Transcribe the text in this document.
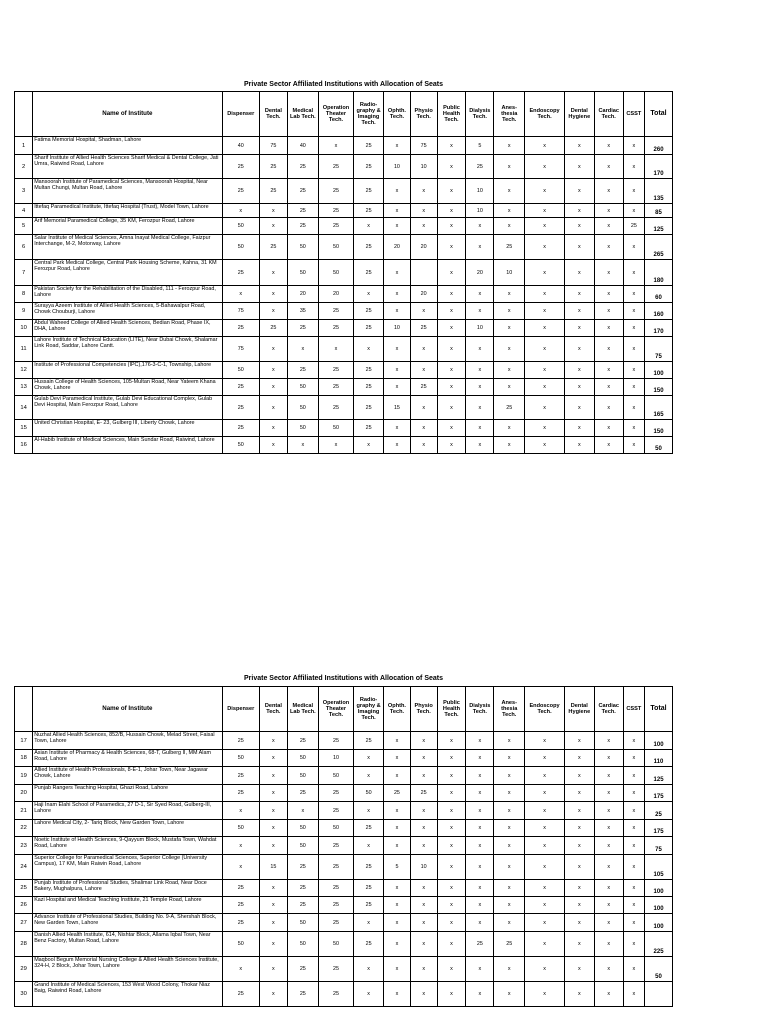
Private Sector Affiliated Institutions with Allocation of Seats
	Name of Institute	Dispenser	Dental Tech.	Medical Lab Tech.	Operation Theater Tech.	Radio-graphy & Imaging Tech.	Ophth. Tech.	Physio Tech.	Public Health Tech.	Dialysis Tech.	Anes-thesia Tech.	Endoscopy Tech.	Dental Hygiene	Cardiac Tech.	CSST	Total
1	Fatima Memorial Hospital, Shadman, Lahore	40	75	40	x	25	x	75	x	5	x	x	x	x	x	260
2	Sharif Institute of Allied Health Sciences Sharif Medical & Dental College, Jati Umra, Raiwind Road, Lahore	25	25	25	25	25	10	10	x	25	x	x	x	x	x	170
3	Mansoorah Institute of Paramedical Sciences, Mansoorah Hospital, Near Multan Chungi, Multan Road, Lahore	25	25	25	25	25	x	x	x	10	x	x	x	x	x	135
4	Ittefaq Paramedical Institute, Ittefaq Hospital (Trust), Model Town, Lahore	x	x	25	25	25	x	x	x	10	x	x	x	x	x	85
5	Arif Memorial Paramedical College, 35 KM, Ferozpur Road, Lahore	50	x	25	25	x	x	x	x	x	x	x	x	x	25	125
6	Salar Institute of Medical Sciences, Amna Inayat Medical College, Faizpur Interchange, M-2, Motorway, Lahore	50	25	50	50	25	20	20	x	x	25	x	x	x	x	265
7	Central Park Medical College, Central Park Housing Scheme, Kahna, 31 KM Ferozpur Road, Lahore	25	x	50	50	25	x		x	20	10	x	x	x	x	180
8	Pakistan Society for the Rehabilitation of the Disabled, 111 - Ferozpur Road, Lahore	x	x	20	20	x	x	20	x	x	x	x	x	x	x	60
9	Surayya Azeem Institute of Allied Health Sciences, 5-Bahawalpur Road, Chowk Chouburji, Lahore	75	x	35	25	25	x	x	x	x	x	x	x	x	x	160
10	Abdul Waheed College of Allied Health Sciences, Bedian Road, Phase IX, DHA, Lahore	25	25	25	25	25	10	25	x	10	x	x	x	x	x	170
11	Lahore Institute of Technical Education (LITE), Near Dubai Chowk, Shalamar Link Road, Saddar, Lahore Cantt.	75	x	x	x	x	x	x	x	x	x	x	x	x	x	75
12	Institute of Professional Competencies (IPC),176-3-C-1, Township, Lahore	50	x	25	25	25	x	x	x	x	x	x	x	x	x	100
13	Hussain College of Health Sciences, 105-Multan Road, Near Yateem Khana Chowk, Lahore	25	x	50	25	25	x	25	x	x	x	x	x	x	x	150
14	Gulab Devi Paramedical Institute, Gulab Devi Educational Complex, Gulab Devi Hospital, Main Ferozpur Road, Lahore	25	x	50	25	25	15	x	x	x	25	x	x	x	x	165
15	United Christian Hospital, E- 23, Gulberg III, Liberty Chowk, Lahore	25	x	50	50	25	x	x	x	x	x	x	x	x	x	150
16	Al-Habib Institute of Medical Sciences, Main Sundar Road, Raiwind, Lahore	50	x	x	x	x	x	x	x	x	x	x	x	x	x	50
Private Sector Affiliated Institutions with Allocation of Seats
	Name of Institute	Dispenser	Dental Tech.	Medical Lab Tech.	Operation Theater Tech.	Radio-graphy & Imaging Tech.	Ophth. Tech.	Physio Tech.	Public Health Tech.	Dialysis Tech.	Anes-thesia Tech.	Endoscopy Tech.	Dental Hygiene	Cardiac Tech.	CSST	Total
17	Nuzhat Allied Health Sciences, 852/B, Hussain Chowk, Melad Street, Faisal Town, Lahore	25	x	25	25	25	x	x	x	x	x	x	x	x	x	100
18	Asian Institute of Pharmacy & Health Sciences, 68-T, Gulberg II, MM Alam Road, Lahore	50	x	50	10	x	x	x	x	x	x	x	x	x	x	110
19	Allied Institute of Health Professionals, 8-E-1, Johar Town, Near Jagawar Chowk, Lahore	25	x	50	50	x	x	x	x	x	x	x	x	x	x	125
20	Punjab Rangers Teaching Hospital, Ghazi Road, Lahore	25	x	25	25	50	25	25	x	x	x	x	x	x	x	175
21	Haji Inam Elahi School of Paramedics, 27 D-1, Sir Syed Road, Gulberg-III, Lahore	x	x	x	25	x	x	x	x	x	x	x	x	x	x	25
22	Lahore Medical City, 2- Tariq Block, New Garden Town, Lahore	50	x	50	50	25	x	x	x	x	x	x	x	x	x	175
23	Noetic Institute of Health Sciences, 9-Qayyum Block, Mustafa Town, Wahdat Road, Lahore	x	x	50	25	x	x	x	x	x	x	x	x	x	x	75
24	Superior College for Paramedical Sciences, Superior College (University Campus), 17 KM, Main Raiwin Road, Lahore	x	15	25	25	25	5	10	x	x	x	x	x	x	x	105
25	Punjab Institute of Professional Studies, Shalimar Link Road, Near Doce Bakery, Mughalpura, Lahore	25	x	25	25	25	x	x	x	x	x	x	x	x	x	100
26	Kazi Hospital and Medical Teaching Institute, 21 Temple Road, Lahore	25	x	25	25	25	x	x	x	x	x	x	x	x	x	100
27	Advance Institute of Professional Studies, Building No. 9-A, Shershah Block, New Garden Town, Lahore	25	x	50	25	x	x	x	x	x	x	x	x	x	x	100
28	Danish Allied Health Institute, 614, Nishtar Block, Allama Iqbal Town, Near Benz Factory, Multan Road, Lahore	50	x	50	50	25	x	x	x	25	25	x	x	x	x	225
29	Maqbool Begum Memorial Nursing College & Allied Health Sciences Institute, 324-H, 2 Block, Johar Town, Lahore	x	x	25	25	x	x	x	x	x	x	x	x	x	x	50
30	Grand Institute of Medical Sciences, 153 West Wood Colony, Thokar Niaz Baig, Raiwind Road, Lahore	25	x	25	25	x	x	x	x	x	x	x	x	x	x	
